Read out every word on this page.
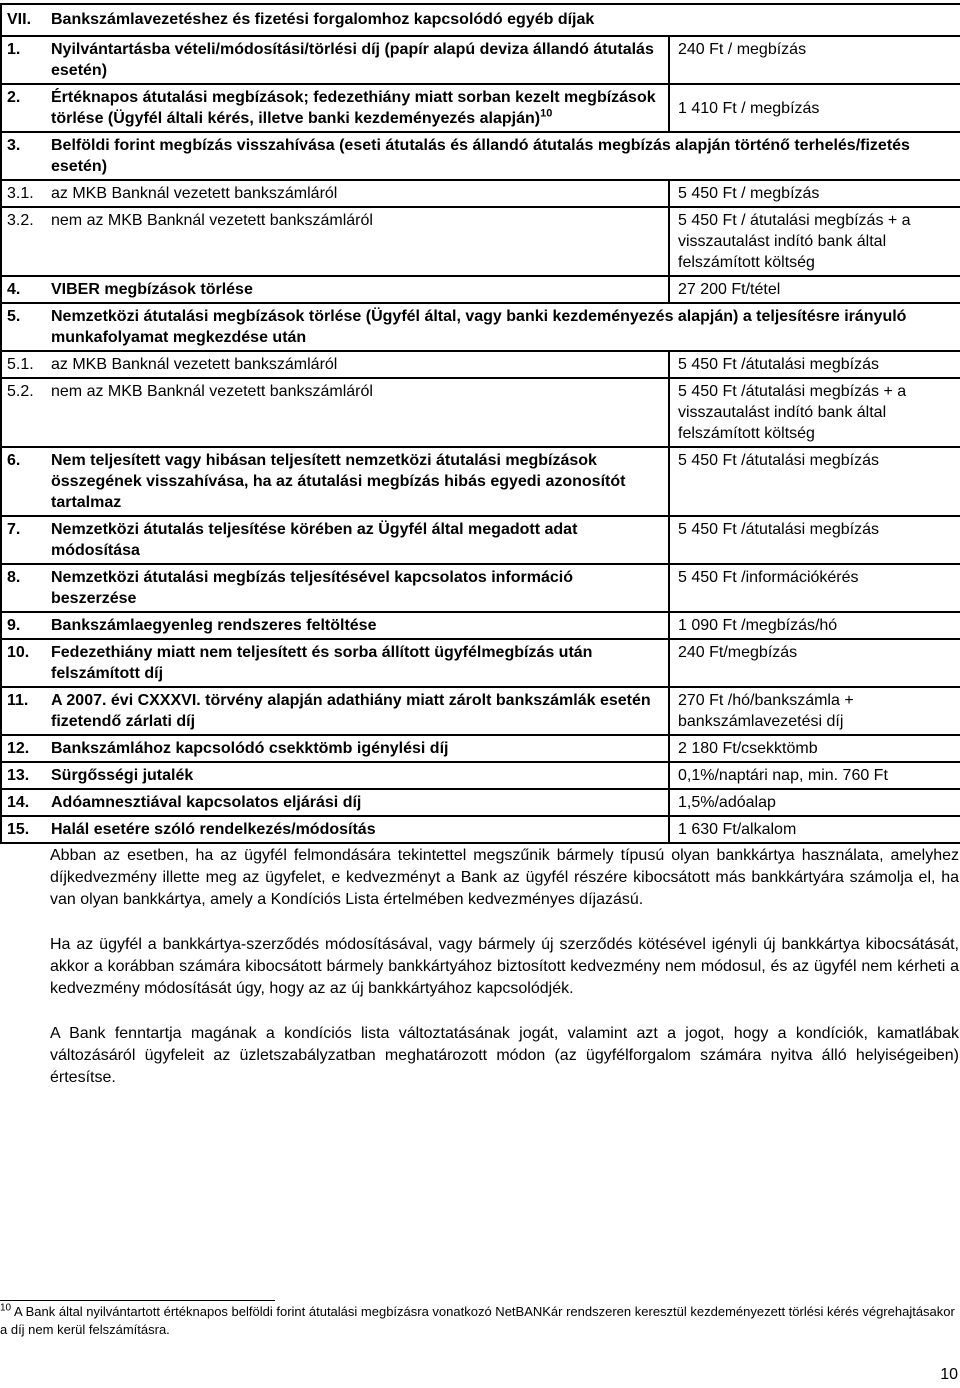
VII. Bankszámlavezetéshez és fizetési forgalomhoz kapcsolódó egyéb díjak	

1. Nyilvántartásba vételi/módosítási/törlési díj (papír alapú deviza állandó átutalás esetén)	240 Ft / megbízás

2. Értéknapos átutalási megbízások; fedezethiány miatt sorban kezelt megbízások törlése (Ügyfél általi kérés, illetve banki kezdeményezés alapján)$^{10}$	1 410 Ft / megbízás

3. Belföldi forint megbízás visszahívása (eseti átutalás és állandó átutalás megbízás alapján történő terhelés/fizetés esetén)	

3.1. az MKB Banknál vezetett bankszámláról	5 450 Ft / megbízás

3.2. nem az MKB Banknál vezetett bankszámláról	5 450 Ft / átutalási megbízás + a visszautalást indító bank által felszámított költség

4. VIBER megbízások törlése	27 200 Ft/tétel

5. Nemzetközi átutalási megbízások törlése (Ügyfél által, vagy banki kezdeményezés alapján) a teljesítésre irányuló munkafolyamat megkezdése után	

5.1. az MKB Banknál vezetett bankszámláról	5 450 Ft /átutalási megbízás

5.2. nem az MKB Banknál vezetett bankszámláról	5 450 Ft /átutalási megbízás + a visszautalást indító bank által felszámított költség

6. Nem teljesített vagy hibásan teljesített nemzetközi átutalási megbízások összegének visszahívása, ha az átutalási megbízás hibás egyedi azonosítót tartalmaz	5 450 Ft /átutalási megbízás

7. Nemzetközi átutalás teljesítése körében az Ügyfél által megadott adat módosítása	5 450 Ft /átutalási megbízás

8. Nemzetközi átutalási megbízás teljesítésével kapcsolatos információ beszerzése	5 450 Ft /információkérés

9. Bankszámlaegyenleg rendszeres feltöltése	1 090 Ft /megbízás/hó

10. Fedezethiány miatt nem teljesített és sorba állított ügyfélmegbízás után felszámított díj	240 Ft/megbízás

11. A 2007. évi CXXXVI. törvény alapján adathiány miatt zárolt bankszámlák esetén fizetendő zárlati díj	270 Ft /hó/bankszámla + bankszámlavezetési díj

12. Bankszámlához kapcsolódó csekktömb igénylési díj	2 180 Ft/csekktömb

13. Sürgősségi jutalék	0,1%/naptári nap, min. 760 Ft

14. Adóamnesztiával kapcsolatos eljárási díj	1,5%/adóalap

15. Halál esetére szóló rendelkezés/módosítás	1 630 Ft/alkalom

Abban az esetben, ha az ügyfél felmondására tekintettel megszűnik bármely típusú olyan bankkártya használata, amelyhez díjkedvezmény illette meg az ügyfelet, e kedvezményt a Bank az ügyfél részére kibocsátott más bankkártyára számolja el, ha van olyan bankkártya, amely a Kondíciós Lista értelmében kedvezményes díjazású.

Ha az ügyfél a bankkártya-szerződés módosításával, vagy bármely új szerződés kötésével igényli új bankkártya kibocsátását, akkor a korábban számára kibocsátott bármely bankkártyához biztosított kedvezmény nem módosul, és az ügyfél nem kérheti a kedvezmény módosítását úgy, hogy az az új bankkártyához kapcsolódjék.

A Bank fenntartja magának a kondíciós lista változtatásának jogát, valamint azt a jogot, hogy a kondíciók, kamatlábak változásáról ügyfeleit az üzletszabályzatban meghatározott módon (az ügyfélforgalom számára nyitva álló helyiségeiben) értesítse.

$^{10}$ A Bank által nyilvántartott értéknapos belföldi forint átutalási megbízásra vonatkozó NetBANKár rendszeren keresztül kezdeményezett törlési kérés végrehajtásakor a díj nem kerül felszámításra.
10
